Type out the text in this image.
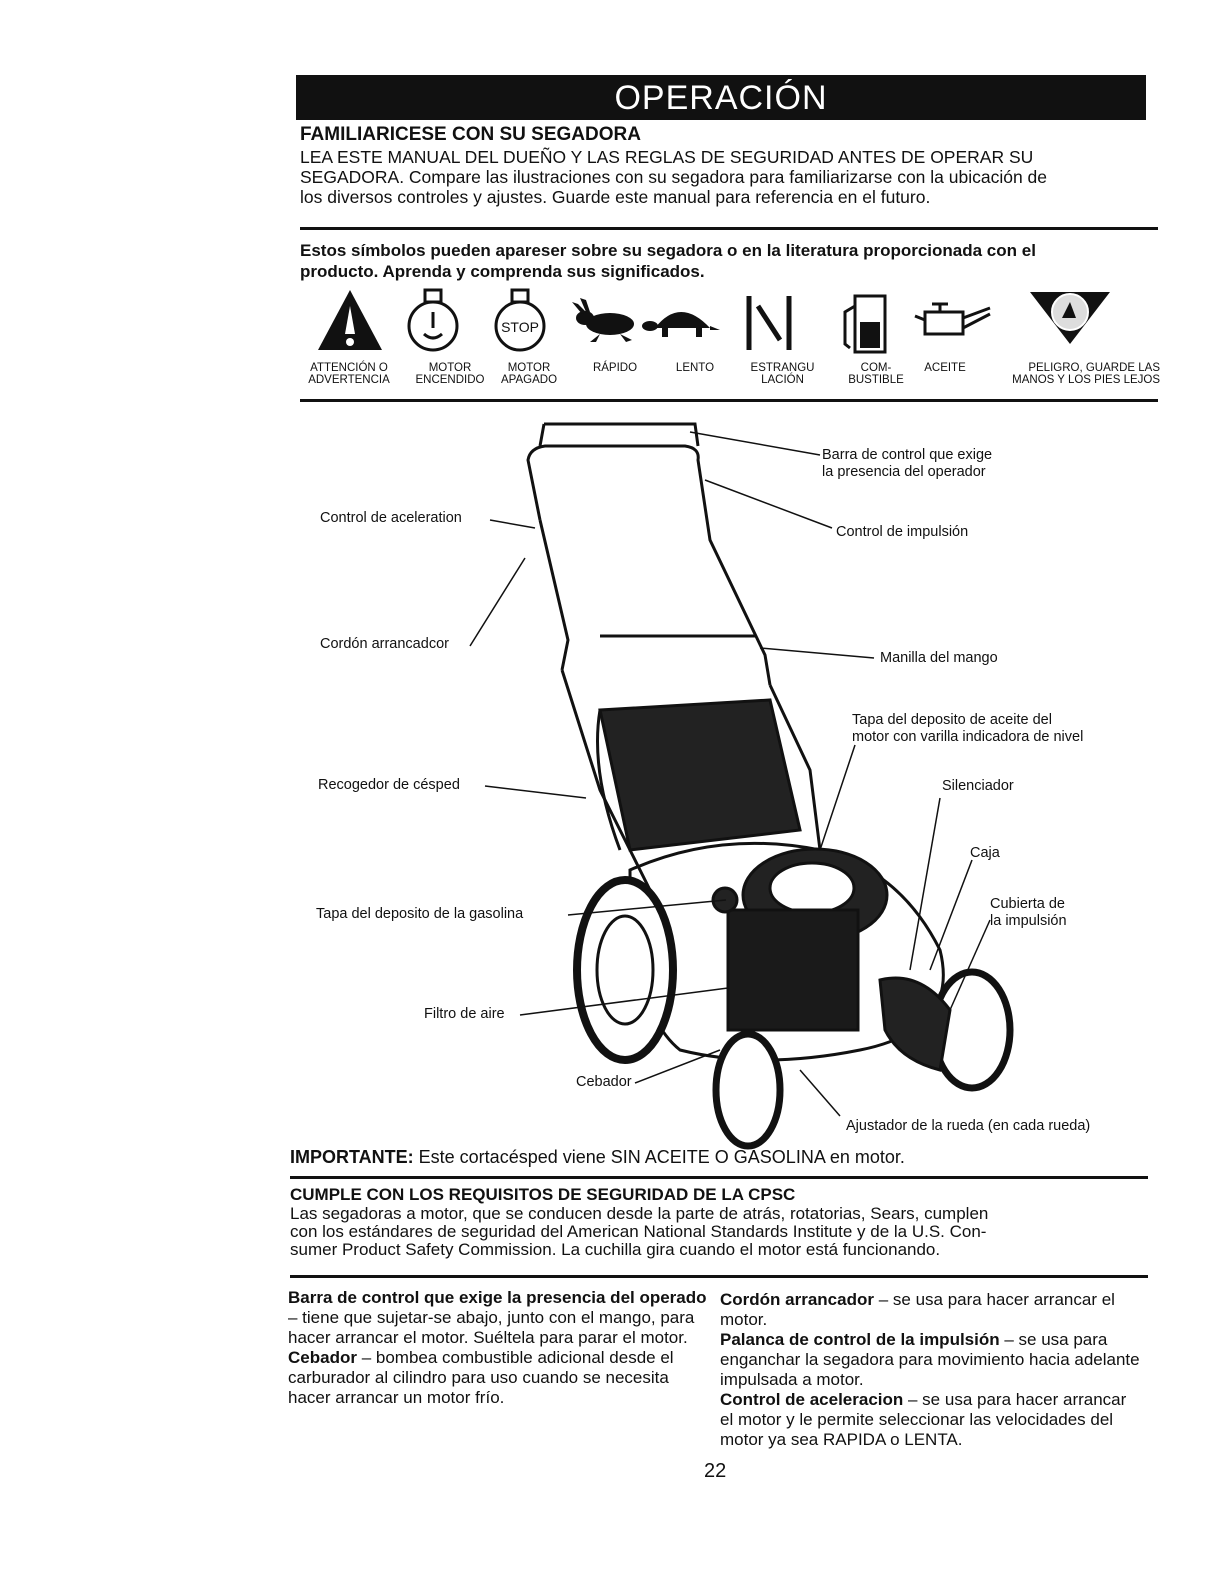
OPERACIÓN
FAMILIARICESE CON SU SEGADORA
LEA ESTE MANUAL DEL DUEÑO Y LAS REGLAS DE SEGURIDAD ANTES DE OPERAR SU
SEGADORA. Compare las ilustraciones con su segadora para familiarizarse con la ubicación de
los diversos controles y ajustes. Guarde este manual para referencia en el futuro.
Estos símbolos pueden apareser sobre su segadora o en la literatura proporcionada con el
producto. Aprenda y comprenda sus significados.
STOP
ATTENCIÓN O
ADVERTENCIA
MOTOR
ENCENDIDO
MOTOR
APAGADO
RÁPIDO	LENTO	ESTRANGU
LACIÓN
COM-
BUSTIBLE
ACEITE	PELIGRO, GUARDE LAS
MANOS Y LOS PIES LEJOS
Barra de control que exige
la presencia del operador
Control de aceleration
Control de impulsión
Cordón arrancadcor
Manilla del mango
Tapa del deposito de aceite del
motor con varilla indicadora de nivel
Recogedor de césped	Silenciador
Caja
Cubierta de
la impulsión
Tapa del deposito de la gasolina
Filtro de aire
Cebador
Ajustador de la rueda (en cada rueda)
IMPORTANTE: Este cortacésped viene SIN ACEITE O GASOLINA en motor.
CUMPLE CON LOS REQUISITOS DE SEGURIDAD DE LA CPSC
Las segadoras a motor, que se conducen desde la parte de atrás, rotatorias, Sears, cumplen
con los estándares de seguridad del American National Standards Institute y de la U.S. Con-
sumer Product Safety Commission. La cuchilla gira cuando el motor está funcionando.
Barra de control que exige la presencia del operado – tiene que sujetar-se abajo, junto con el mango, para hacer arrancar el motor. Suéltela para parar el motor.
Cebador – bombea combustible adicional desde el carburador al cilindro para uso cuando se necesita hacer arrancar un motor frío.
Cordón arrancador – se usa para hacer arrancar el motor.
Palanca de control de la impulsión – se usa para enganchar la segadora para movimiento hacia adelante impulsada a motor.
Control de aceleracion – se usa para hacer arrancar el motor y le permite seleccionar las velocidades del motor ya sea RAPIDA o LENTA.
22
